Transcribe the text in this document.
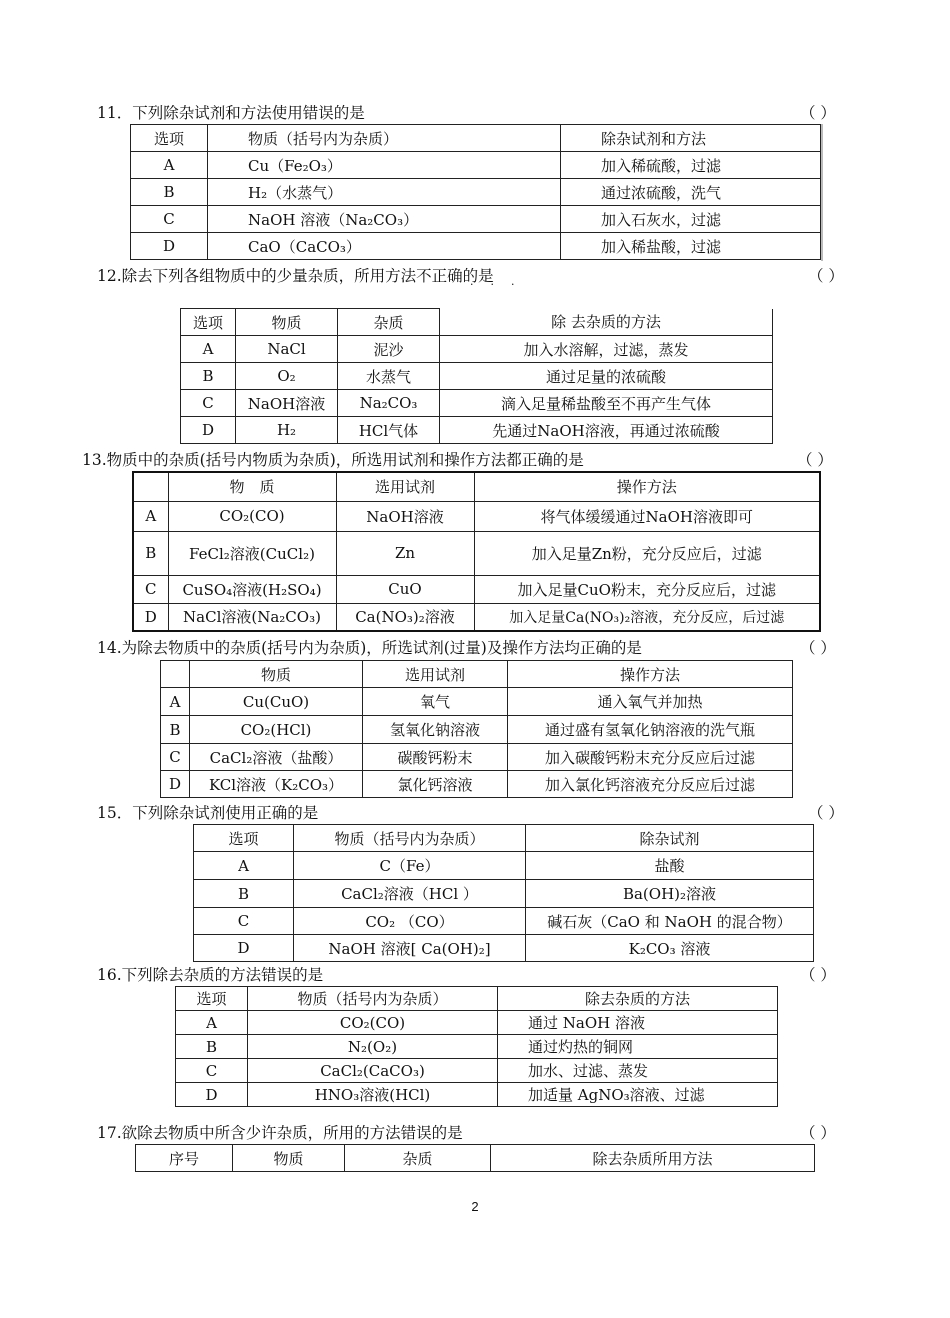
11．下列除杂试剂和方法使用错误的是	（ ）
选项	物质（括号内为杂质）	除杂试剂和方法
A	Cu（Fe₂O₃）	加入稀硫酸，过滤
B	H₂（水蒸气）	通过浓硫酸，洗气
C	NaOH 溶液（Na₂CO₃）	加入石灰水，过滤
D	CaO（CaCO₃）	加入稀盐酸，过滤
12.除去下列各组物质中的少量杂质，所用方法不正确的是
···	（ ）
选项	物质	杂质	除 去杂质的方法
A	NaCl	泥沙	加入水溶解，过滤，蒸发
B	O₂	水蒸气	通过足量的浓硫酸
C	NaOH溶液	Na₂CO₃	滴入足量稀盐酸至不再产生气体
D	H₂	HCl气体	先通过NaOH溶液，再通过浓硫酸
13.物质中的杂质(括号内物质为杂质)，所选用试剂和操作方法都正确的是	（ ）
	物　质	选用试剂	操作方法
A	CO₂(CO)	NaOH溶液	将气体缓缓通过NaOH溶液即可
B	FeCl₂溶液(CuCl₂)	Zn	加入足量Zn粉，充分反应后，过滤
C	CuSO₄溶液(H₂SO₄)	CuO	加入足量CuO粉末，充分反应后，过滤
D	NaCl溶液(Na₂CO₃)	Ca(NO₃)₂溶液	加入足量Ca(NO₃)₂溶液，充分反应，后过滤
14.为除去物质中的杂质(括号内为杂质)，所选试剂(过量)及操作方法均正确的是	（ ）
	物质	选用试剂	操作方法
A	Cu(CuO)	氧气	通入氧气并加热
B	CO₂(HCl)	氢氧化钠溶液	通过盛有氢氧化钠溶液的洗气瓶
C	CaCl₂溶液（盐酸）	碳酸钙粉末	加入碳酸钙粉末充分反应后过滤
D	KCl溶液（K₂CO₃）	氯化钙溶液	加入氯化钙溶液充分反应后过滤
15．下列除杂试剂使用正确的是	（ ）
选项	物质（括号内为杂质）	除杂试剂
A	C（Fe）	盐酸
B	CaCl₂溶液（HCl ）	Ba(OH)₂溶液
C	CO₂ （CO）	碱石灰（CaO 和 NaOH 的混合物）
D	NaOH 溶液[ Ca(OH)₂]	K₂CO₃ 溶液
16.下列除去杂质的方法错误的是	（ ）
选项	物质（括号内为杂质）	除去杂质的方法
A	CO₂(CO)	通过 NaOH 溶液
B	N₂(O₂)	通过灼热的铜网
C	CaCl₂(CaCO₃)	加水、过滤、蒸发
D	HNO₃溶液(HCl)	加适量 AgNO₃溶液、过滤
17.欲除去物质中所含少许杂质，所用的方法错误的是	（ ）
序号	物质	杂质	除去杂质所用方法
2
